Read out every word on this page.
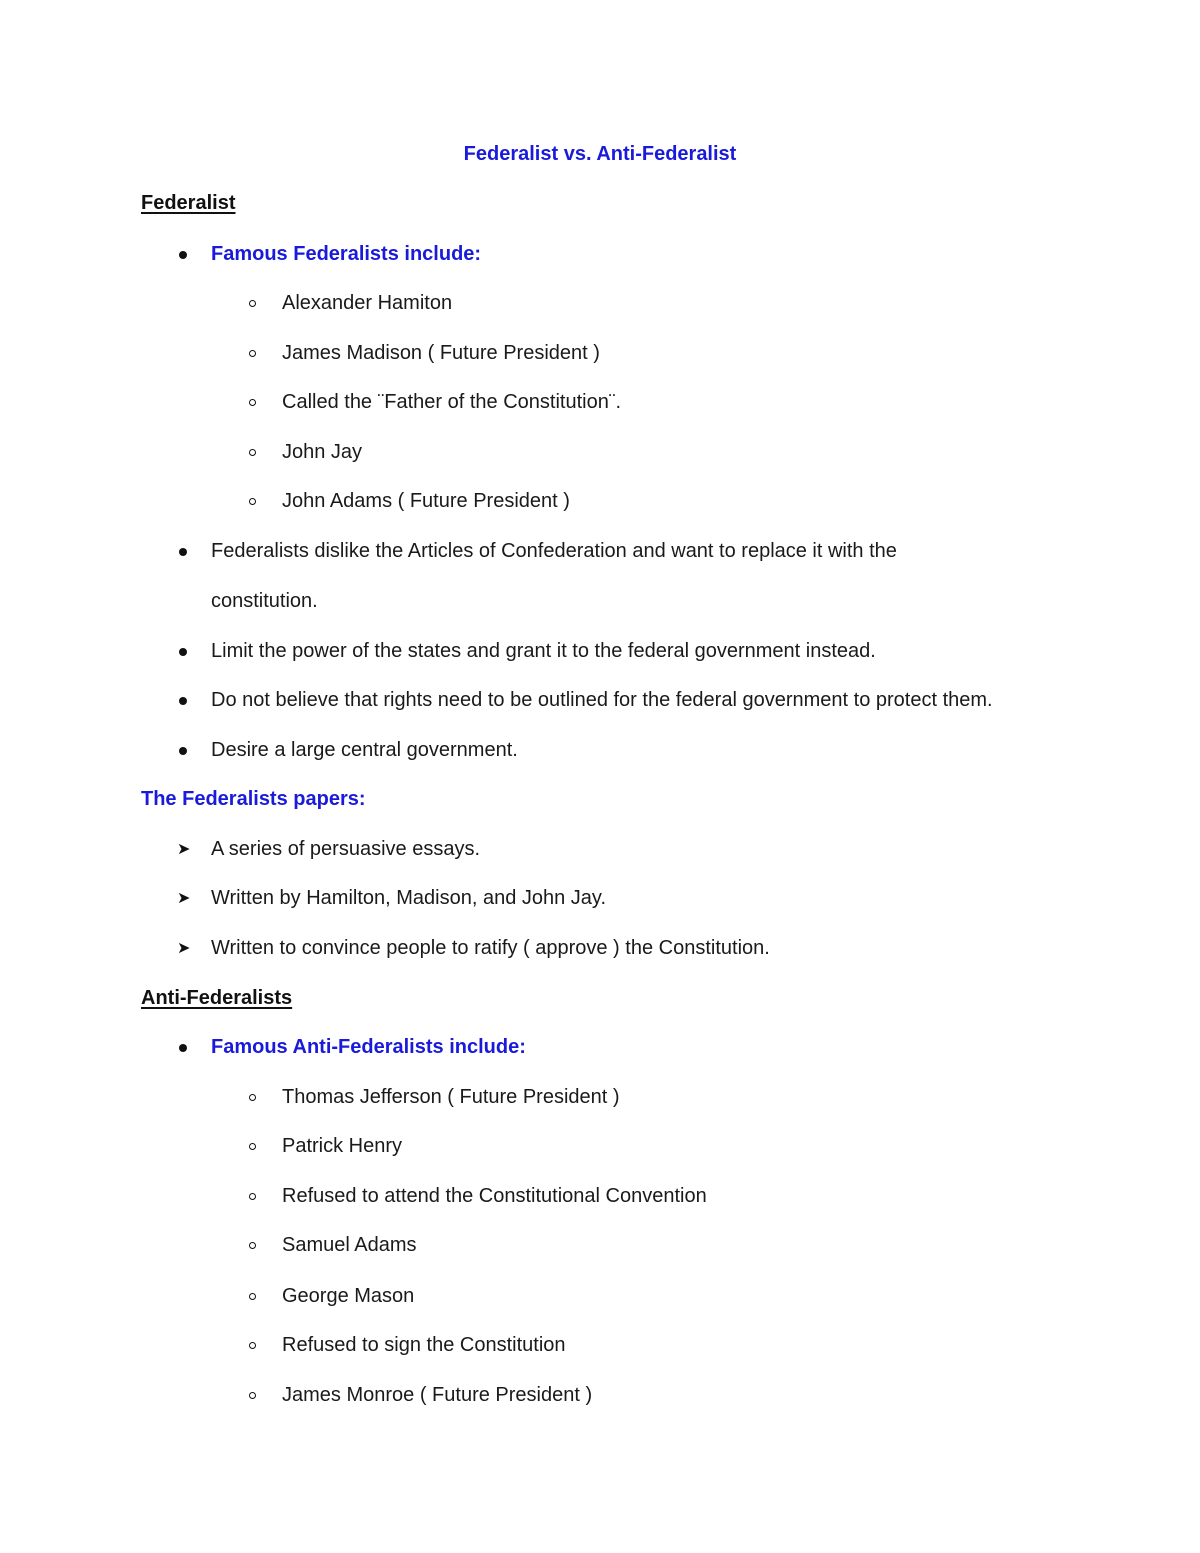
Federalist vs. Anti-Federalist
Federalist
Famous Federalists include:
Alexander Hamiton
James Madison ( Future President )
Called the ¨Father of the Constitution¨.
John Jay
John Adams ( Future President )
Federalists dislike the Articles of Confederation and want to replace it with the
constitution.
Limit the power of the states and grant it to the federal government instead.
Do not believe that rights need to be outlined for the federal government to protect them.
Desire a large central government.
The Federalists papers:
➤ A series of persuasive essays.
➤ Written by Hamilton, Madison, and John Jay.
➤ Written to convince people to ratify ( approve ) the Constitution.
Anti-Federalists
Famous Anti-Federalists include:
Thomas Jefferson ( Future President )
Patrick Henry
Refused to attend the Constitutional Convention
Samuel Adams
George Mason
Refused to sign the Constitution
James Monroe ( Future President )
